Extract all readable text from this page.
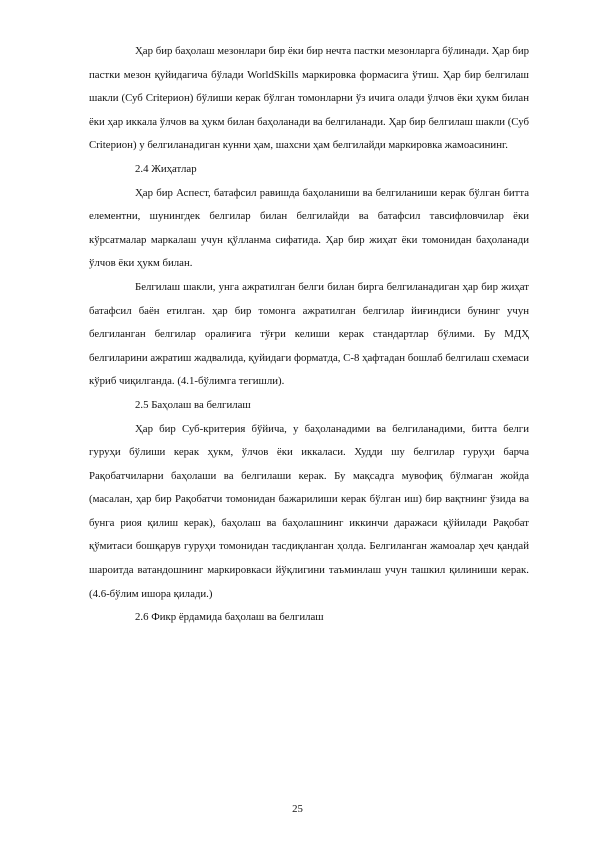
Ҳар бир баҳолаш мезонлари бир ёки бир нечта пастки мезонларга бўлинади. Ҳар бир пастки мезон қуйидагича бўлади WorldSkills маркировка формасига ўтиш. Ҳар бир белгилаш шакли (Суб Critерион) бўлиши керак бўлган томонларни ўз ичига олади ўлчов ёки ҳукм билан ёки ҳар иккала ўлчов ва ҳукм билан баҳоланади ва белгиланади. Ҳар бир белгилаш шакли (Суб Critерион) у белгиланадиган кунни ҳам, шахсни ҳам белгилайди маркировка жамоасининг.

2.4 Жиҳатлар

Ҳар бир Аспест, батафсил равишда баҳоланиши ва белгиланиши керак бўлган битта елементни, шунингдек белгилар билан белгилайди ва батафсил тавсифловчилар ёки кўрсатмалар маркалаш учун қўлланма сифатида. Ҳар бир жиҳат ёки томонидан баҳоланади ўлчов ёки ҳукм билан.

Белгилаш шакли, унга ажратилган белги билан бирга белгиланадиган ҳар бир жиҳат батафсил баён етилган. ҳар бир томонга ажратилган белгилар йиғиндиси бунинг учун белгиланган белгилар оралиғига тўғри келиши керак стандартлар бўлими. Бу МДҲ белгиларини ажратиш жадвалида, қуйидаги форматда, C-8 ҳафтадан бошлаб белгилаш схемаси кўриб чиқилганда. (4.1-бўлимга тегишли).

2.5 Баҳолаш ва белгилаш

Ҳар бир Суб-критерия бўйича, у баҳоланадими ва белгиланадими, битта белги гуруҳи бўлиши керак ҳукм, ўлчов ёки иккаласи. Худди шу белгилар гуруҳи барча Рақобатчиларни баҳолаши ва белгилаши керак. Бу мақсадга мувофиқ бўлмаган жойда (масалан, ҳар бир Рақобатчи томонидан бажарилиши керак бўлган иш) бир вақтнинг ўзида ва бунга риоя қилиш керак), баҳолаш ва баҳолашнинг иккинчи даражаси қўйилади Рақобат қўмитаси бошқарув гуруҳи томонидан тасдиқланган ҳолда. Белгиланган жамоалар ҳеч қандай шароитда ватандошнинг маркировкаси йўқлигини таъминлаш учун ташкил қилиниши керак. (4.6-бўлим ишора қилади.)

2.6 Фикр ёрдамида баҳолаш ва белгилаш

25
